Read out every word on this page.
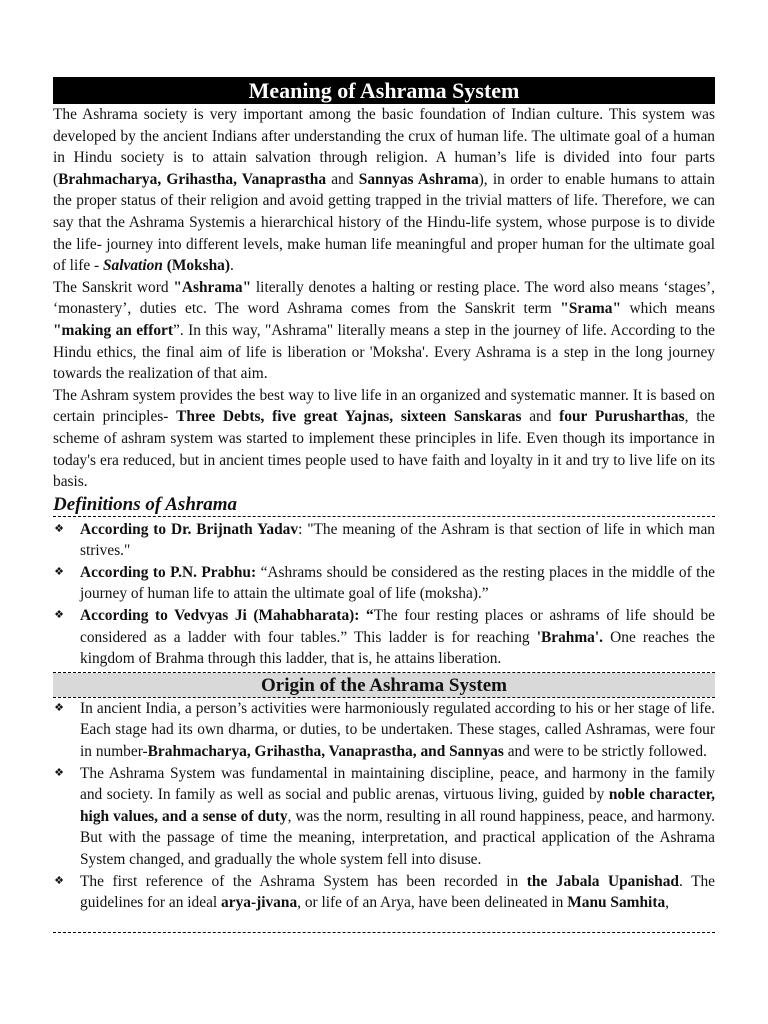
Meaning of Ashrama System

The Ashrama society is very important among the basic foundation of Indian culture. This system was developed by the ancient Indians after understanding the crux of human life. The ultimate goal of a human in Hindu society is to attain salvation through religion. A human’s life is divided into four parts (Brahmacharya, Grihastha, Vanaprastha and Sannyas Ashrama), in order to enable humans to attain the proper status of their religion and avoid getting trapped in the trivial matters of life. Therefore, we can say that the Ashrama Systemis a hierarchical history of the Hindu-life system, whose purpose is to divide the life- journey into different levels, make human life meaningful and proper human for the ultimate goal of life - Salvation (Moksha).

The Sanskrit word "Ashrama" literally denotes a halting or resting place. The word also means ‘stages’, ‘monastery’, duties etc. The word Ashrama comes from the Sanskrit term "Srama" which means "making an effort”. In this way, "Ashrama" literally means a step in the journey of life. According to the Hindu ethics, the final aim of life is liberation or 'Moksha'. Every Ashrama is a step in the long journey towards the realization of that aim.

The Ashram system provides the best way to live life in an organized and systematic manner. It is based on certain principles- Three Debts, five great Yajnas, sixteen Sanskaras and four Purusharthas, the scheme of ashram system was started to implement these principles in life. Even though its importance in today's era reduced, but in ancient times people used to have faith and loyalty in it and try to live life on its basis.

Definitions of Ashrama
❖ According to Dr. Brijnath Yadav: "The meaning of the Ashram is that section of life in which man strives."
❖ According to P.N. Prabhu: “Ashrams should be considered as the resting places in the middle of the journey of human life to attain the ultimate goal of life (moksha).”
❖ According to Vedvyas Ji (Mahabharata): “The four resting places or ashrams of life should be considered as a ladder with four tables.” This ladder is for reaching 'Brahma'. One reaches the kingdom of Brahma through this ladder, that is, he attains liberation.
Origin of the Ashrama System
❖ In ancient India, a person’s activities were harmoniously regulated according to his or her stage of life. Each stage had its own dharma, or duties, to be undertaken. These stages, called Ashramas, were four in number-Brahmacharya, Grihastha, Vanaprastha, and Sannyas and were to be strictly followed.
❖ The Ashrama System was fundamental in maintaining discipline, peace, and harmony in the family and society. In family as well as social and public arenas, virtuous living, guided by noble character, high values, and a sense of duty, was the norm, resulting in all round happiness, peace, and harmony. But with the passage of time the meaning, interpretation, and practical application of the Ashrama System changed, and gradually the whole system fell into disuse.
❖ The first reference of the Ashrama System has been recorded in the Jabala Upanishad. The guidelines for an ideal arya-jivana, or life of an Arya, have been delineated in Manu Samhita,
